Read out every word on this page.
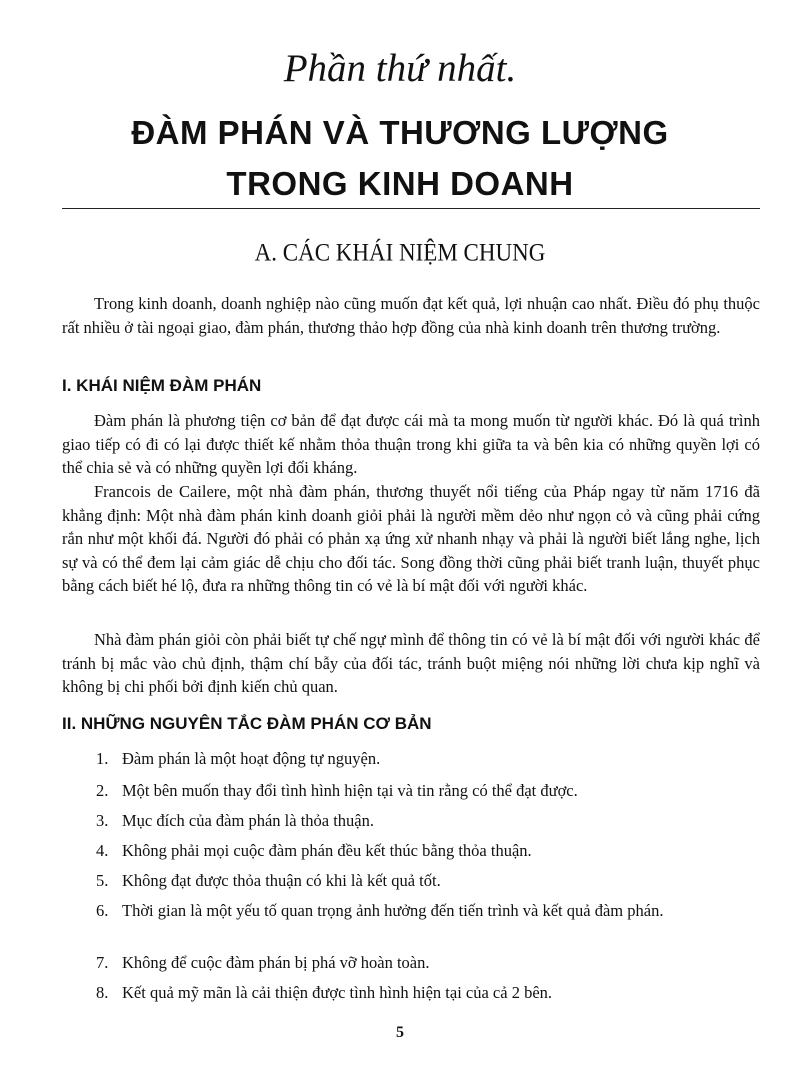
Phần thứ nhất.
ĐÀM PHÁN VÀ THƯƠNG LƯỢNG
TRONG KINH DOANH
A. CÁC KHÁI NIỆM CHUNG
Trong kinh doanh, doanh nghiệp nào cũng muốn đạt kết quả, lợi nhuận cao nhất. Điều đó phụ thuộc rất nhiều ở tài ngoại giao, đàm phán, thương thảo hợp đồng của nhà kinh doanh trên thương trường.
I. KHÁI NIỆM ĐÀM PHÁN
Đàm phán là phương tiện cơ bản để đạt được cái mà ta mong muốn từ người khác. Đó là quá trình giao tiếp có đi có lại được thiết kế nhằm thỏa thuận trong khi giữa ta và bên kia có những quyền lợi có thể chia sẻ và có những quyền lợi đối kháng.
Francois de Cailere, một nhà đàm phán, thương thuyết nổi tiếng của Pháp ngay từ năm 1716 đã khẳng định: Một nhà đàm phán kinh doanh giỏi phải là người mềm dẻo như ngọn cỏ và cũng phải cứng rắn như một khối đá. Người đó phải có phản xạ ứng xử nhanh nhạy và phải là người biết lắng nghe, lịch sự và có thể đem lại cảm giác dễ chịu cho đối tác. Song đồng thời cũng phải biết tranh luận, thuyết phục bằng cách biết hé lộ, đưa ra những thông tin có vẻ là bí mật đối với người khác.
Nhà đàm phán giỏi còn phải biết tự chế ngự mình để thông tin có vẻ là bí mật đối với người khác để tránh bị mắc vào chủ định, thậm chí bẫy của đối tác, tránh buột miệng nói những lời chưa kịp nghĩ và không bị chi phối bởi định kiến chủ quan.
II. NHỮNG NGUYÊN TẮC ĐÀM PHÁN CƠ BẢN
1. Đàm phán là một hoạt động tự nguyện.
2. Một bên muốn thay đổi tình hình hiện tại và tin rằng có thể đạt được.
3. Mục đích của đàm phán là thỏa thuận.
4. Không phải mọi cuộc đàm phán đều kết thúc bằng thỏa thuận.
5. Không đạt được thỏa thuận có khi là kết quả tốt.
6. Thời gian là một yếu tố quan trọng ảnh hưởng đến tiến trình và kết quả đàm phán.
7. Không để cuộc đàm phán bị phá vỡ hoàn toàn.
8. Kết quả mỹ mãn là cải thiện được tình hình hiện tại của cả 2 bên.
5
